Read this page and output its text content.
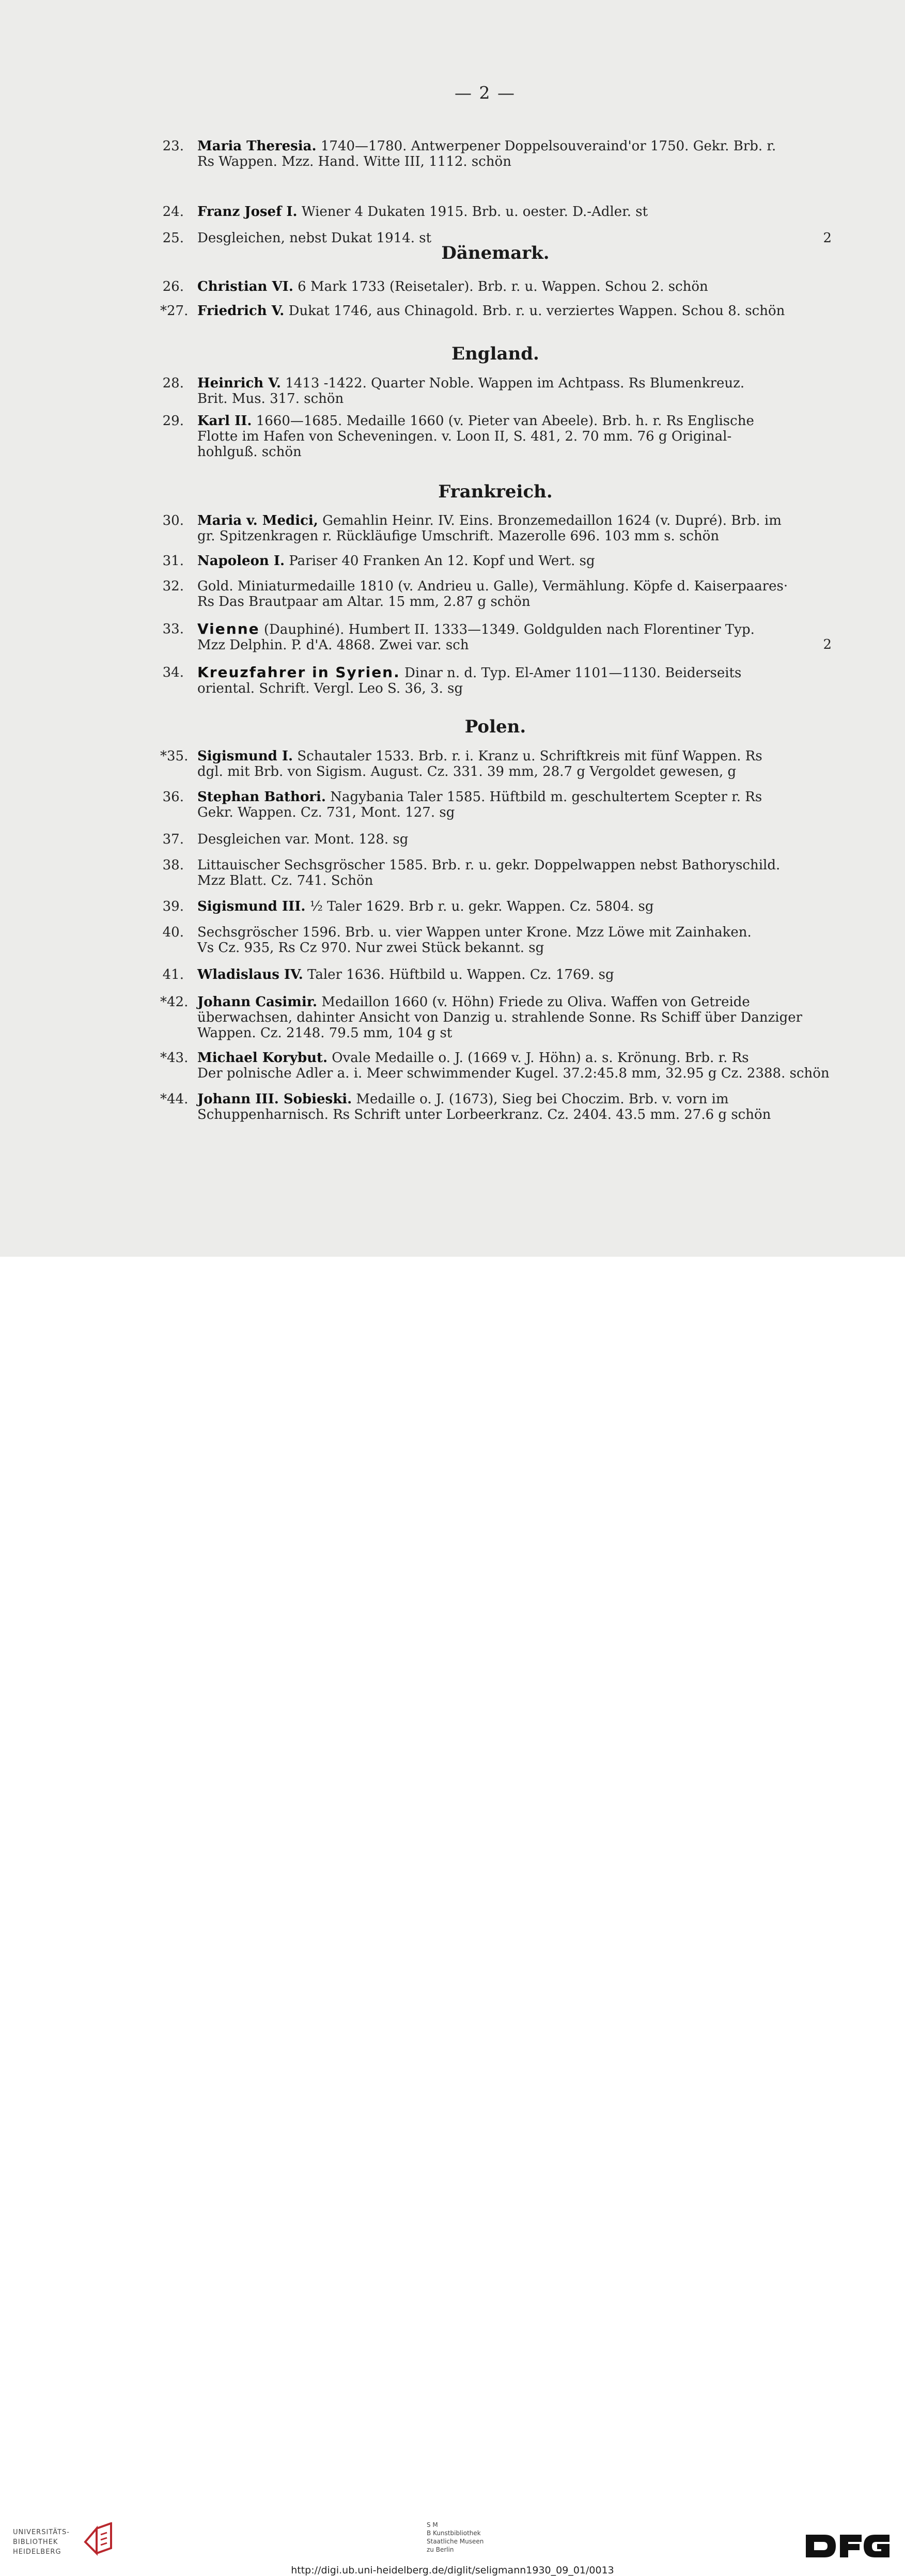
— 2 —
Dänemark.
England.
Frankreich.
Polen.
23. Maria Theresia. 1740—1780. Antwerpener Doppelsouveraind'or 1750. Gekr. Brb. r.
Rs Wappen. Mzz. Hand. Witte III, 1112. schön
24. Franz Josef I. Wiener 4 Dukaten 1915. Brb. u. oester. D.-Adler. st
25. Desgleichen, nebst Dukat 1914. st	2
26. Christian VI. 6 Mark 1733 (Reisetaler). Brb. r. u. Wappen. Schou 2. schön
*27. Friedrich V. Dukat 1746, aus Chinagold. Brb. r. u. verziertes Wappen. Schou 8. schön
28. Heinrich V. 1413 -1422. Quarter Noble. Wappen im Achtpass. Rs Blumenkreuz.
Brit. Mus. 317. schön
29. Karl II. 1660—1685. Medaille 1660 (v. Pieter van Abeele). Brb. h. r. Rs Englische
Flotte im Hafen von Scheveningen. v. Loon II, S. 481, 2. 70 mm. 76 g Original-
hohlguß. schön
30. Maria v. Medici, Gemahlin Heinr. IV. Eins. Bronzemedaillon 1624 (v. Dupré). Brb. im
gr. Spitzenkragen r. Rückläufige Umschrift. Mazerolle 696. 103 mm s. schön
31. Napoleon I. Pariser 40 Franken An 12. Kopf und Wert. sg
32. Gold. Miniaturmedaille 1810 (v. Andrieu u. Galle), Vermählung. Köpfe d. Kaiserpaares·
Rs Das Brautpaar am Altar. 15 mm, 2.87 g schön
33. Vienne (Dauphiné). Humbert II. 1333—1349. Goldgulden nach Florentiner Typ.
Mzz Delphin. P. d'A. 4868. Zwei var. sch	2
34. Kreuzfahrer in Syrien. Dinar n. d. Typ. El-Amer 1101—1130. Beiderseits
oriental. Schrift. Vergl. Leo S. 36, 3. sg
*35. Sigismund I. Schautaler 1533. Brb. r. i. Kranz u. Schriftkreis mit fünf Wappen. Rs
dgl. mit Brb. von Sigism. August. Cz. 331. 39 mm, 28.7 g Vergoldet gewesen, g
36. Stephan Bathori. Nagybania Taler 1585. Hüftbild m. geschultertem Scepter r. Rs
Gekr. Wappen. Cz. 731, Mont. 127. sg
37. Desgleichen var. Mont. 128. sg
38. Littauischer Sechsgröscher 1585. Brb. r. u. gekr. Doppelwappen nebst Bathoryschild.
Mzz Blatt. Cz. 741. Schön
39. Sigismund III. ½ Taler 1629. Brb r. u. gekr. Wappen. Cz. 5804. sg
40. Sechsgröscher 1596. Brb. u. vier Wappen unter Krone. Mzz Löwe mit Zainhaken.
Vs Cz. 935, Rs Cz 970. Nur zwei Stück bekannt. sg
41. Wladislaus IV. Taler 1636. Hüftbild u. Wappen. Cz. 1769. sg
*42. Johann Casimir. Medaillon 1660 (v. Höhn) Friede zu Oliva. Waffen von Getreide
überwachsen, dahinter Ansicht von Danzig u. strahlende Sonne. Rs Schiff über Danziger
Wappen. Cz. 2148. 79.5 mm, 104 g st
*43. Michael Korybut. Ovale Medaille o. J. (1669 v. J. Höhn) a. s. Krönung. Brb. r. Rs
Der polnische Adler a. i. Meer schwimmender Kugel. 37.2:45.8 mm, 32.95 g Cz. 2388. schön
*44. Johann III. Sobieski. Medaille o. J. (1673), Sieg bei Choczim. Brb. v. vorn im
Schuppenharnisch. Rs Schrift unter Lorbeerkranz. Cz. 2404. 43.5 mm. 27.6 g schön
UNIVERSITÄTS-
BIBLIOTHEK
HEIDELBERG
S M
B Kunstbibliothek
Staatliche Museen
zu Berlin
http://digi.ub.uni-heidelberg.de/diglit/seligmann1930_09_01/0013
